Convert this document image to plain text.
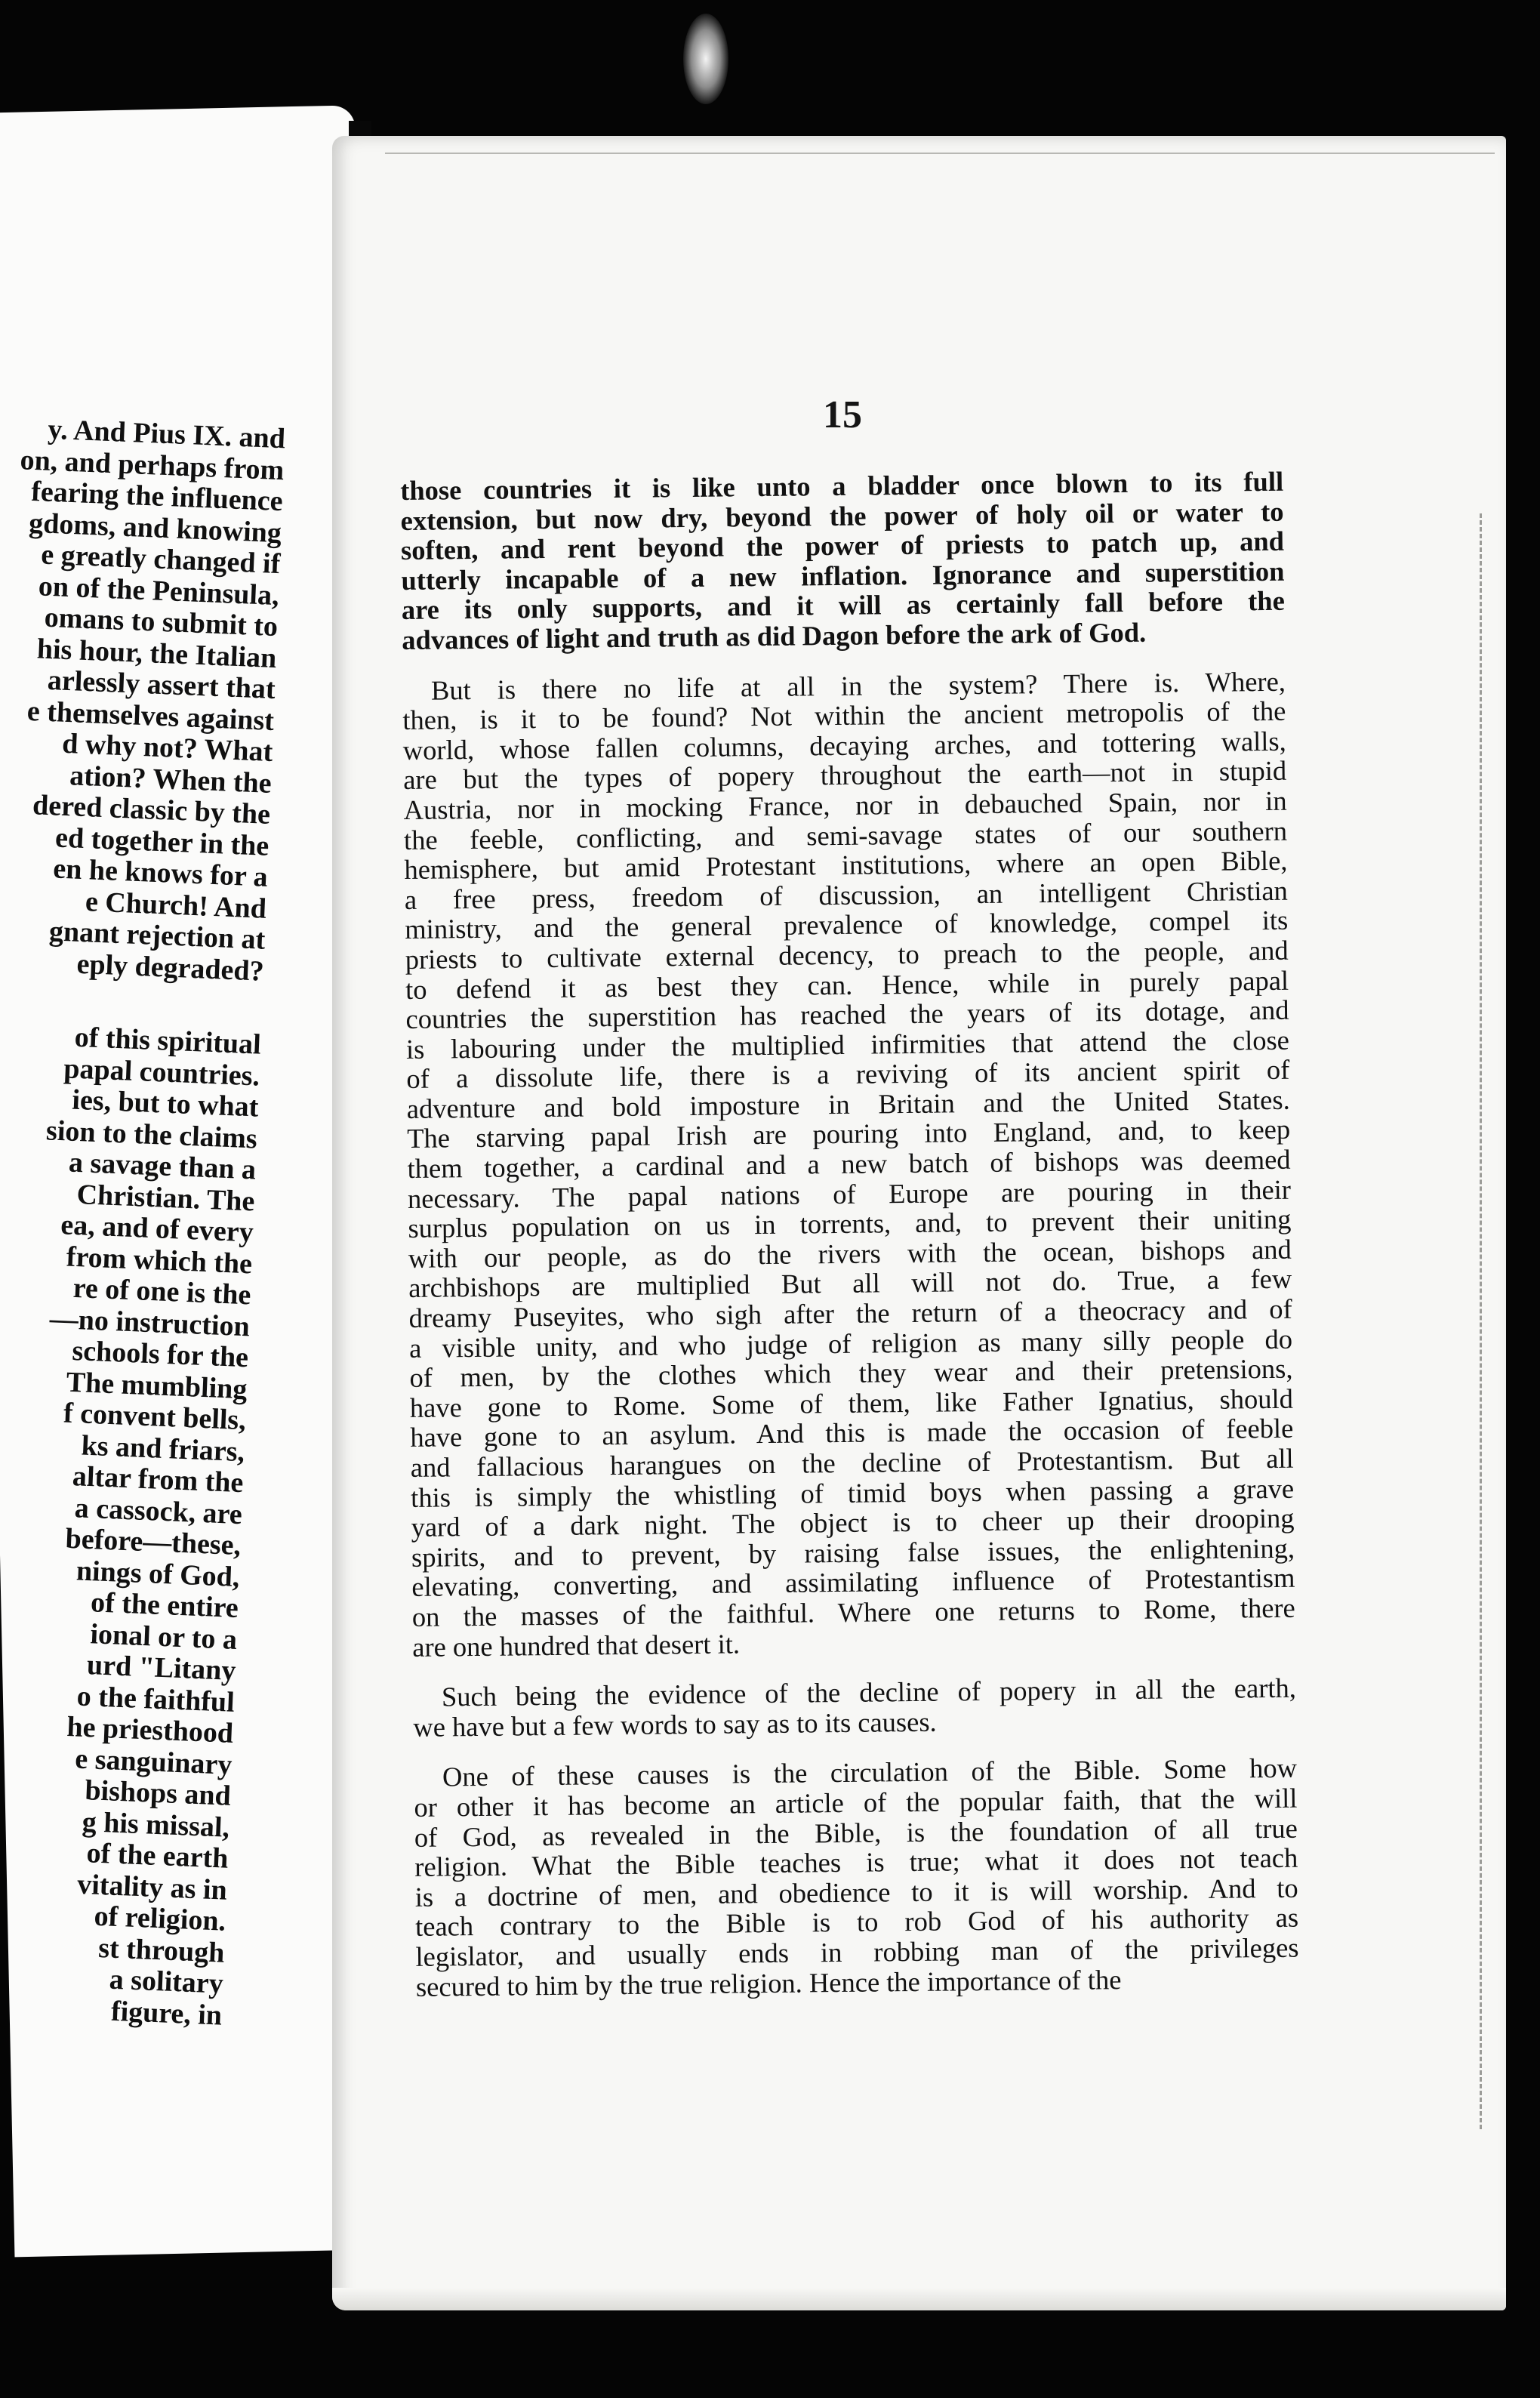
y. And Pius IX. and
on, and perhaps from
fearing the influence
gdoms, and knowing
e greatly changed if
on of the Peninsula,
omans to submit to
his hour, the Italian
arlessly assert that
e themselves against
d why not? What
ation? When the
dered classic by the
ed together in the
en he knows for a
e Church! And
gnant rejection at
eply degraded?
of this spiritual
papal countries.
ies, but to what
sion to the claims
a savage than a
Christian. The
ea, and of every
from which the
re of one is the
—no instruction
schools for the
The mumbling
f convent bells,
ks and friars,
altar from the
a cassock, are
before—these,
nings of God,
of the entire
ional or to a
urd "Litany
o the faithful
he priesthood
e sanguinary
bishops and
g his missal,
of the earth
vitality as in
of religion.
st through
a solitary
figure, in
15

those countries it is like unto a bladder once blown to its full
extension, but now dry, beyond the power of holy oil or water to
soften, and rent beyond the power of priests to patch up, and
utterly incapable of a new inflation. Ignorance and superstition
are its only supports, and it will as certainly fall before the
advances of light and truth as did Dagon before the ark of God.

But is there no life at all in the system? There is. Where,
then, is it to be found? Not within the ancient metropolis of the
world, whose fallen columns, decaying arches, and tottering walls,
are but the types of popery throughout the earth—not in stupid
Austria, nor in mocking France, nor in debauched Spain, nor in
the feeble, conflicting, and semi-savage states of our southern
hemisphere, but amid Protestant institutions, where an open Bible,
a free press, freedom of discussion, an intelligent Christian
ministry, and the general prevalence of knowledge, compel its
priests to cultivate external decency, to preach to the people, and
to defend it as best they can. Hence, while in purely papal
countries the superstition has reached the years of its dotage, and
is labouring under the multiplied infirmities that attend the close
of a dissolute life, there is a reviving of its ancient spirit of
adventure and bold imposture in Britain and the United States.
The starving papal Irish are pouring into England, and, to keep
them together, a cardinal and a new batch of bishops was deemed
necessary. The papal nations of Europe are pouring in their
surplus population on us in torrents, and, to prevent their uniting
with our people, as do the rivers with the ocean, bishops and
archbishops are multiplied But all will not do. True, a few
dreamy Puseyites, who sigh after the return of a theocracy and of
a visible unity, and who judge of religion as many silly people do
of men, by the clothes which they wear and their pretensions,
have gone to Rome. Some of them, like Father Ignatius, should
have gone to an asylum. And this is made the occasion of feeble
and fallacious harangues on the decline of Protestantism. But all
this is simply the whistling of timid boys when passing a grave
yard of a dark night. The object is to cheer up their drooping
spirits, and to prevent, by raising false issues, the enlightening,
elevating, converting, and assimilating influence of Protestantism
on the masses of the faithful. Where one returns to Rome, there
are one hundred that desert it.

Such being the evidence of the decline of popery in all the earth,
we have but a few words to say as to its causes.

One of these causes is the circulation of the Bible. Some how
or other it has become an article of the popular faith, that the will
of God, as revealed in the Bible, is the foundation of all true
religion. What the Bible teaches is true; what it does not teach
is a doctrine of men, and obedience to it is will worship. And to
teach contrary to the Bible is to rob God of his authority as
legislator, and usually ends in robbing man of the privileges
secured to him by the true religion. Hence the importance of the
